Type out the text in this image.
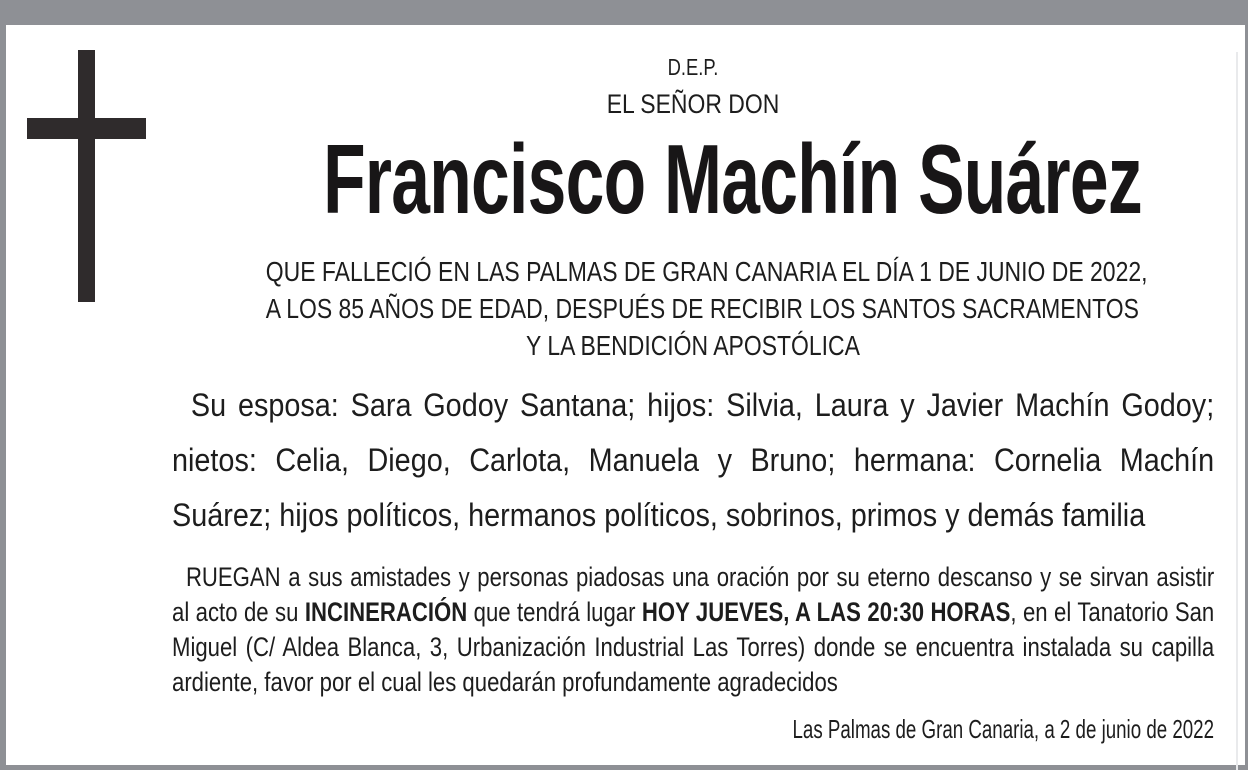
D.E.P.
EL SEÑOR DON
Francisco Machín Suárez
QUE FALLECIÓ EN LAS PALMAS DE GRAN CANARIA EL DÍA 1 DE JUNIO DE 2022,
A LOS 85 AÑOS DE EDAD, DESPUÉS DE RECIBIR LOS SANTOS SACRAMENTOS
Y LA BENDICIÓN APOSTÓLICA
Su esposa: Sara Godoy Santana; hijos: Silvia, Laura y Javier Machín Godoy;
nietos: Celia, Diego, Carlota, Manuela y Bruno; hermana: Cornelia Machín
Suárez; hijos políticos, hermanos políticos, sobrinos, primos y demás familia
RUEGAN a sus amistades y personas piadosas una oración por su eterno descanso y se sirvan asistir
al acto de su INCINERACIÓN que tendrá lugar HOY JUEVES, A LAS 20:30 HORAS, en el Tanatorio San
Miguel (C/ Aldea Blanca, 3, Urbanización Industrial Las Torres) donde se encuentra instalada su capilla
ardiente, favor por el cual les quedarán profundamente agradecidos
Las Palmas de Gran Canaria, a 2 de junio de 2022
